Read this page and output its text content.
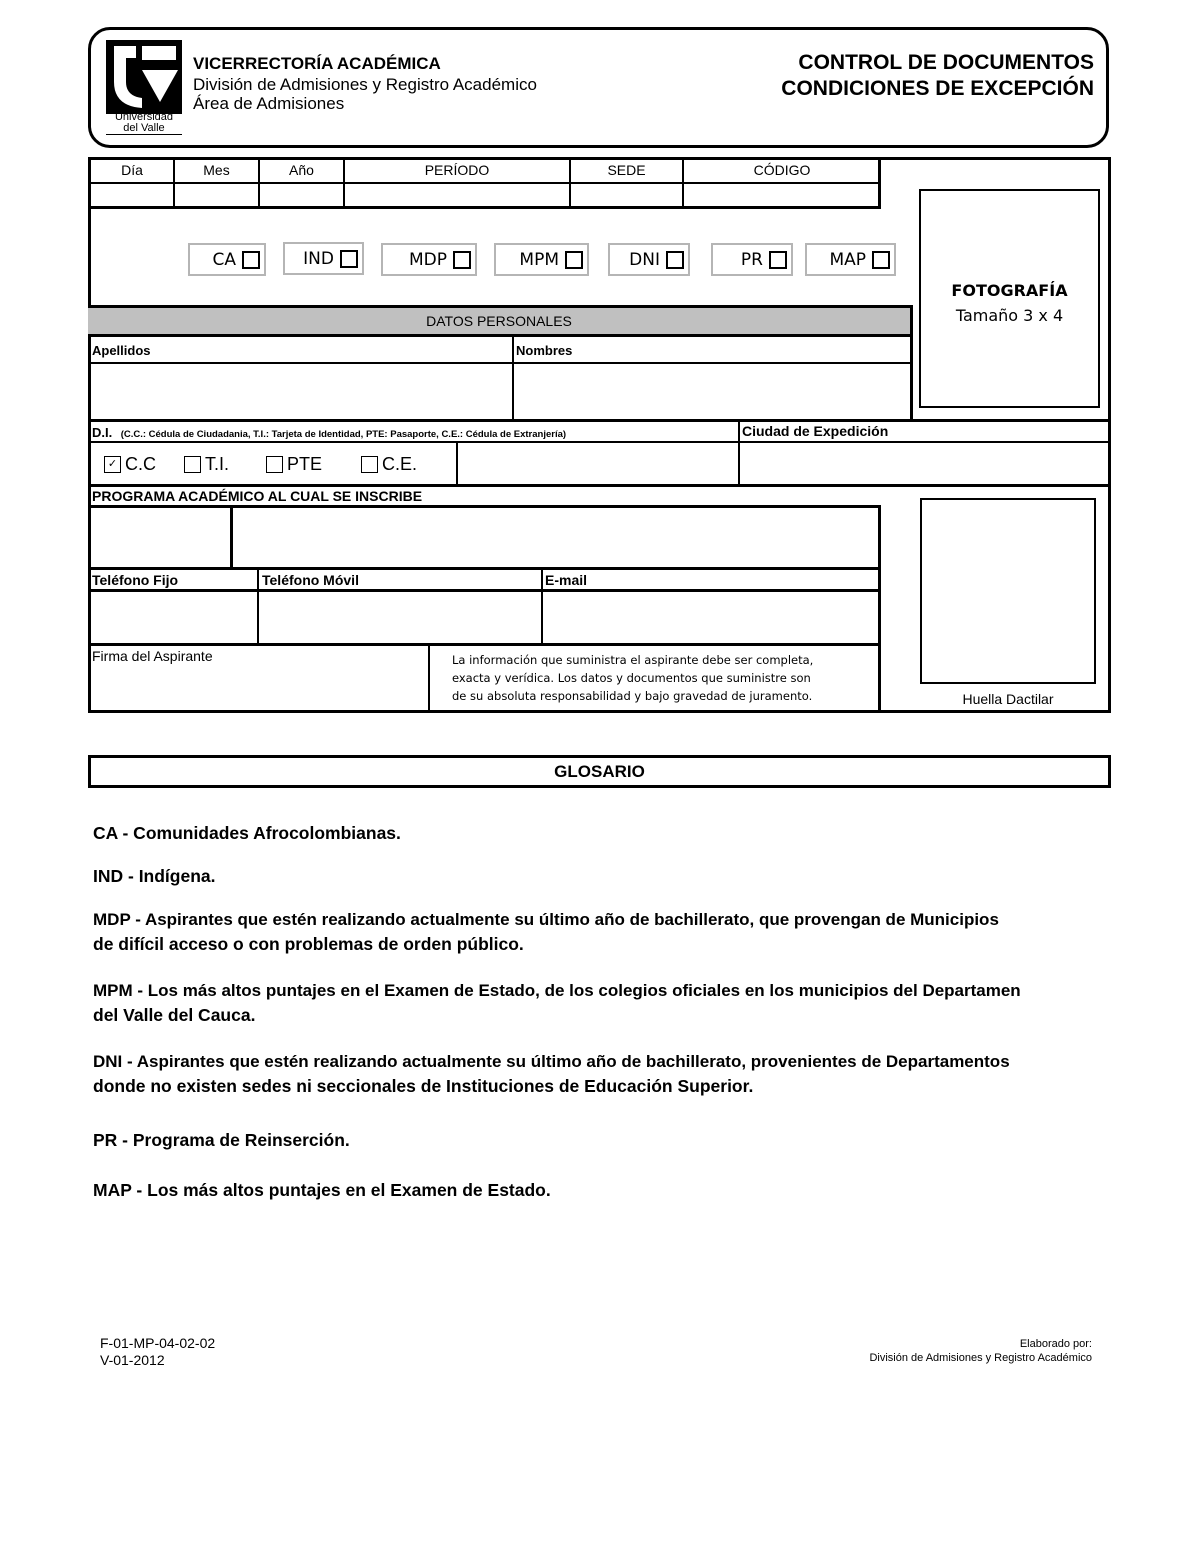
Universidad
del Valle
VICERRECTORÍA ACADÉMICA
División de Admisiones y Registro Académico
Área de Admisiones
CONTROL DE DOCUMENTOS
CONDICIONES DE EXCEPCIÓN
Día	Mes	Año	PERÍODO	SEDE	CÓDIGO
CA	IND	MDP	MPM	DNI	PR	MAP
FOTOGRAFÍA
Tamaño 3 x 4
DATOS PERSONALES
Apellidos	Nombres
D.I. (C.C.: Cédula de Ciudadania, T.I.: Tarjeta de Identidad, PTE: Pasaporte, C.E.: Cédula de Extranjería)	Ciudad de Expedición
✓ C.C	T.I.	PTE	C.E.
PROGRAMA ACADÉMICO AL CUAL SE INSCRIBE
Teléfono Fijo	Teléfono Móvil	E-mail
Firma del Aspirante	La información que suministra el aspirante debe ser completa,
exacta y verídica. Los datos y documentos que suministre son
de su absoluta responsabilidad y bajo gravedad de juramento.	Huella Dactilar
GLOSARIO

CA - Comunidades Afrocolombianas.

IND - Indígena.

MDP - Aspirantes que estén realizando actualmente su último año de bachillerato, que provengan de Municipios

de difícil acceso o con problemas de orden público.

MPM - Los más altos puntajes en el Examen de Estado, de los colegios oficiales en los municipios del Departamen

del Valle del Cauca.

DNI - Aspirantes que estén realizando actualmente su último año de bachillerato, provenientes de Departamentos

donde no existen sedes ni seccionales de Instituciones de Educación Superior.

PR - Programa de Reinserción.

MAP - Los más altos puntajes en el Examen de Estado.

F-01-MP-04-02-02
V-01-2012
Elaborado por:
División de Admisiones y Registro Académico
